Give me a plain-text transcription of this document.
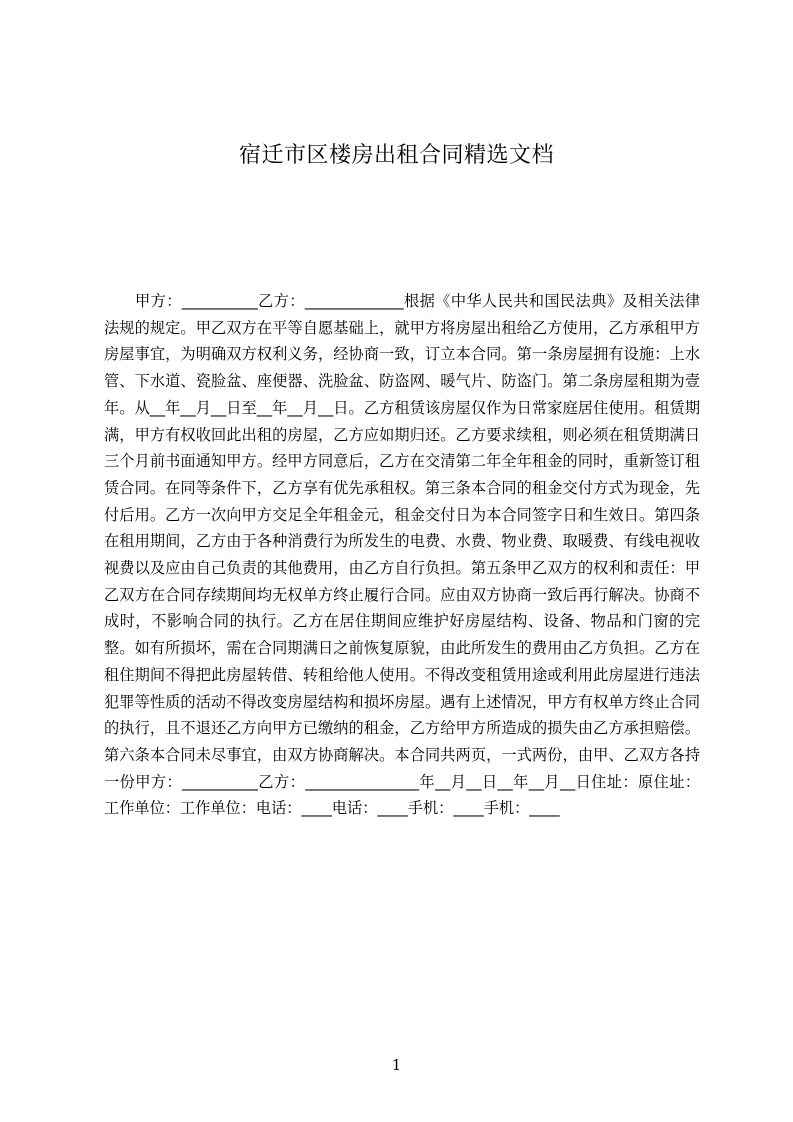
宿迁市区楼房出租合同精选文档

甲方：__________乙方：_____________根据《中华人民共和国民法典》及相关法律法规的规定。甲乙双方在平等自愿基础上，就甲方将房屋出租给乙方使用，乙方承租甲方房屋事宜，为明确双方权利义务，经协商一致，订立本合同。第一条房屋拥有设施：上水管、下水道、瓷脸盆、座便器、洗脸盆、防盗网、暖气片、防盗门。第二条房屋租期为壹年。从__年__月__日至__年__月__日。乙方租赁该房屋仅作为日常家庭居住使用。租赁期满，甲方有权收回此出租的房屋，乙方应如期归还。乙方要求续租，则必须在租赁期满日三个月前书面通知甲方。经甲方同意后，乙方在交清第二年全年租金的同时，重新签订租赁合同。在同等条件下，乙方享有优先承租权。第三条本合同的租金交付方式为现金，先付后用。乙方一次向甲方交足全年租金元，租金交付日为本合同签字日和生效日。第四条在租用期间，乙方由于各种消费行为所发生的电费、水费、物业费、取暖费、有线电视收视费以及应由自己负责的其他费用，由乙方自行负担。第五条甲乙双方的权利和责任：甲乙双方在合同存续期间均无权单方终止履行合同。应由双方协商一致后再行解决。协商不成时，不影响合同的执行。乙方在居住期间应维护好房屋结构、设备、物品和门窗的完整。如有所损坏，需在合同期满日之前恢复原貌，由此所发生的费用由乙方负担。乙方在租住期间不得把此房屋转借、转租给他人使用。不得改变租赁用途或利用此房屋进行违法犯罪等性质的活动不得改变房屋结构和损坏房屋。遇有上述情况，甲方有权单方终止合同的执行，且不退还乙方向甲方已缴纳的租金，乙方给甲方所造成的损失由乙方承担赔偿。第六条本合同未尽事宜，由双方协商解决。本合同共两页，一式两份，由甲、乙双方各持一份甲方：__________乙方：_______________年__月__日__年__月__日住址：原住址：工作单位：工作单位：电话：____电话：____手机：____手机：____

1
